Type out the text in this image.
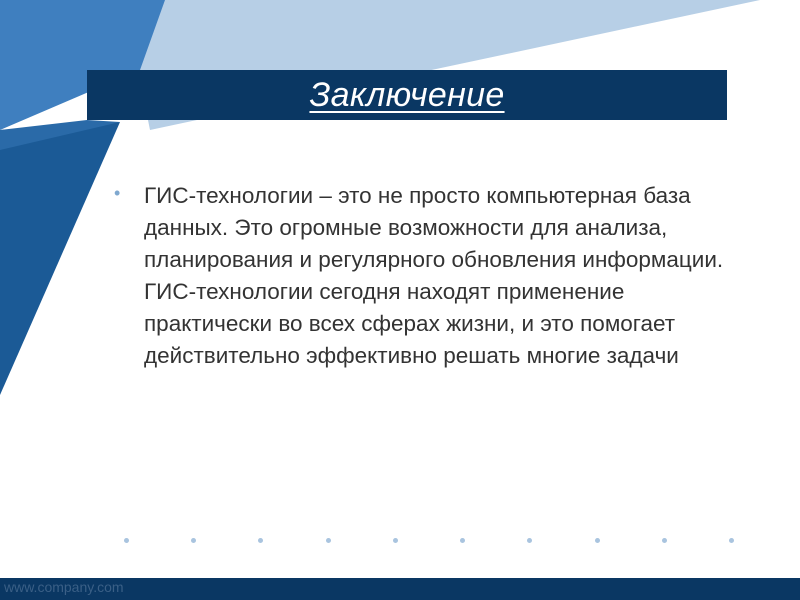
Заключение
• ГИС-технологии – это не просто компьютерная база данных. Это огромные возможности для анализа, планирования и регулярного обновления информации. ГИС-технологии сегодня находят применение практически во всех сферах жизни, и это помогает действительно эффективно решать многие задачи

www.company.com
